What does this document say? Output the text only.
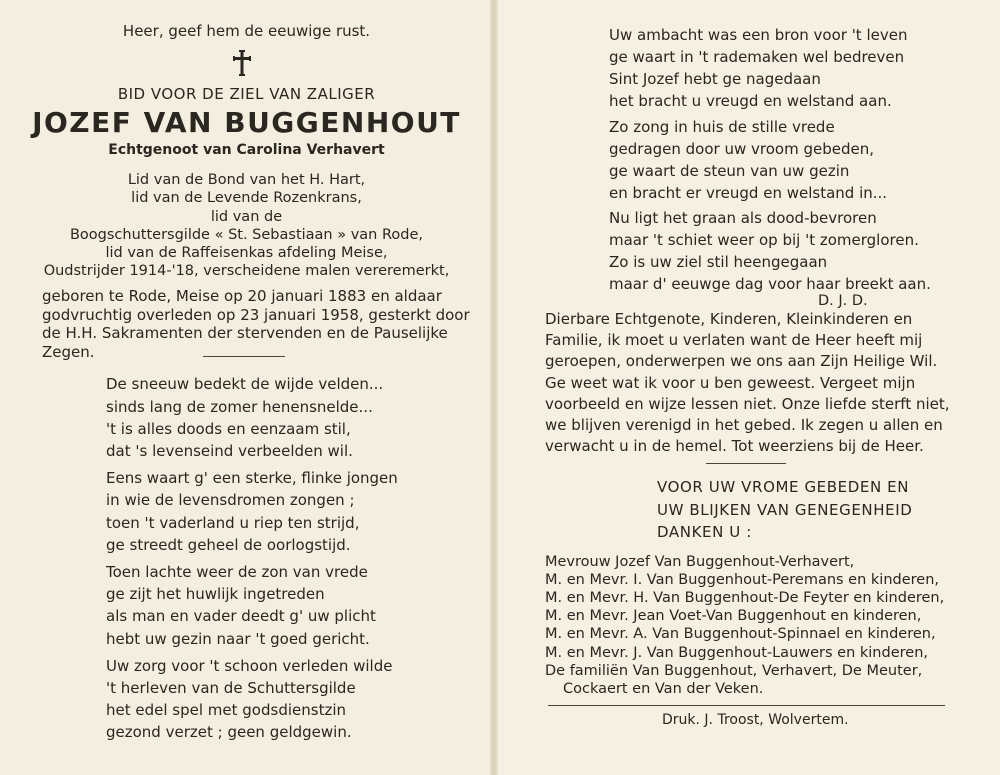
Heer, geef hem de eeuwige rust.
BID VOOR DE ZIEL VAN ZALIGER
JOZEF VAN BUGGENHOUT
Echtgenoot van Carolina Verhavert
Lid van de Bond van het H. Hart,
lid van de Levende Rozenkrans,
lid van de
Boogschuttersgilde « St. Sebastiaan » van Rode,
lid van de Raffeisenkas afdeling Meise,
Oudstrijder 1914-'18, verscheidene malen vereremerkt,
geboren te Rode, Meise op 20 januari 1883 en aldaar
godvruchtig overleden op 23 januari 1958, gesterkt door
de H.H. Sakramenten der stervenden en de Pauselijke
Zegen.
De sneeuw bedekt de wijde velden...
sinds lang de zomer henensnelde...
't is alles doods en eenzaam stil,
dat 's levenseind verbeelden wil.
Eens waart g' een sterke, flinke jongen
in wie de levensdromen zongen ;
toen 't vaderland u riep ten strijd,
ge streedt geheel de oorlogstijd.
Toen lachte weer de zon van vrede
ge zijt het huwlijk ingetreden
als man en vader deedt g' uw plicht
hebt uw gezin naar 't goed gericht.
Uw zorg voor 't schoon verleden wilde
't herleven van de Schuttersgilde
het edel spel met godsdienstzin
gezond verzet ; geen geldgewin.
Uw ambacht was een bron voor 't leven
ge waart in 't rademaken wel bedreven
Sint Jozef hebt ge nagedaan
het bracht u vreugd en welstand aan.
Zo zong in huis de stille vrede
gedragen door uw vroom gebeden,
ge waart de steun van uw gezin
en bracht er vreugd en welstand in...
Nu ligt het graan als dood-bevroren
maar 't schiet weer op bij 't zomergloren.
Zo is uw ziel stil heengegaan
maar d' eeuwge dag voor haar breekt aan.
D. J. D.
Dierbare Echtgenote, Kinderen, Kleinkinderen en
Familie, ik moet u verlaten want de Heer heeft mij
geroepen, onderwerpen we ons aan Zijn Heilige Wil.
Ge weet wat ik voor u ben geweest. Vergeet mijn
voorbeeld en wijze lessen niet. Onze liefde sterft niet,
we blijven verenigd in het gebed. Ik zegen u allen en
verwacht u in de hemel. Tot weerziens bij de Heer.
VOOR UW VROME GEBEDEN EN
UW BLIJKEN VAN GENEGENHEID
DANKEN U :
Mevrouw Jozef Van Buggenhout-Verhavert,
M. en Mevr. I. Van Buggenhout-Peremans en kinderen,
M. en Mevr. H. Van Buggenhout-De Feyter en kinderen,
M. en Mevr. Jean Voet-Van Buggenhout en kinderen,
M. en Mevr. A. Van Buggenhout-Spinnael en kinderen,
M. en Mevr. J. Van Buggenhout-Lauwers en kinderen,
De familiën Van Buggenhout, Verhavert, De Meuter,
Cockaert en Van der Veken.
Druk. J. Troost, Wolvertem.
